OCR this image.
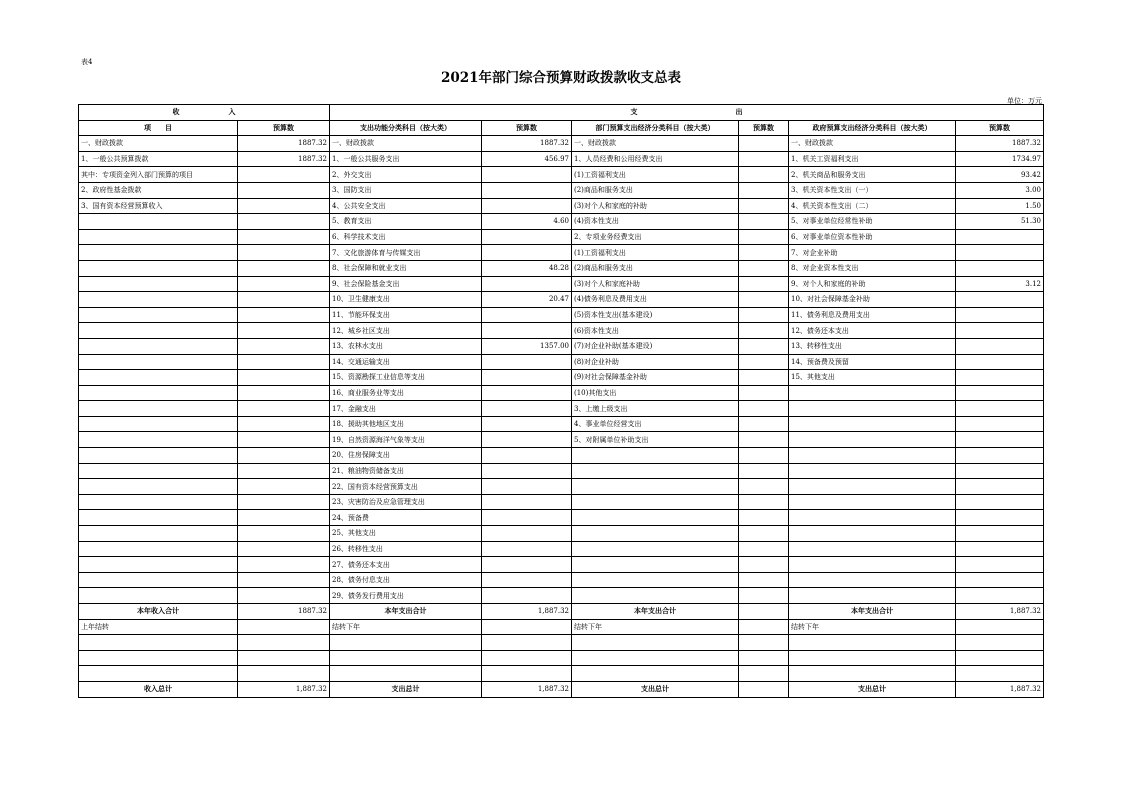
表4
2021年部门综合预算财政拨款收支总表
单位：万元
收　　　　　　　入		支　　　　　　　　　　　　　　出					
项　　目	预算数	支出功能分类科目（按大类）	预算数	部门预算支出经济分类科目（按大类）	预算数	政府预算支出经济分类科目（按大类）	预算数
一、财政拨款	1887.32	一、财政拨款	1887.32	一、财政拨款		一、财政拨款	1887.32
1、一般公共预算拨款	1887.32	1、一般公共服务支出	456.97	1、人员经费和公用经费支出		1、机关工资福利支出	1734.97
其中：专项资金列入部门预算的项目		2、外交支出		(1)工资福利支出		2、机关商品和服务支出	93.42
2、政府性基金拨款		3、国防支出		(2)商品和服务支出		3、机关资本性支出（一）	3.00
3、国有资本经营预算收入		4、公共安全支出		(3)对个人和家庭的补助		4、机关资本性支出（二）	1.50
		5、教育支出	4.60	(4)资本性支出		5、对事业单位经常性补助	51.30
		6、科学技术支出		2、专项业务经费支出		6、对事业单位资本性补助	
		7、文化旅游体育与传媒支出		(1)工资福利支出		7、对企业补助	
		8、社会保障和就业支出	48.28	(2)商品和服务支出		8、对企业资本性支出	
		9、社会保险基金支出		(3)对个人和家庭补助		9、对个人和家庭的补助	3.12
		10、卫生健康支出	20.47	(4)债务利息及费用支出		10、对社会保障基金补助	
		11、节能环保支出		(5)资本性支出(基本建设)		11、债务利息及费用支出	
		12、城乡社区支出		(6)资本性支出		12、债务还本支出	
		13、农林水支出	1357.00	(7)对企业补助(基本建设)		13、转移性支出	
		14、交通运输支出		(8)对企业补助		14、预备费及预留	
		15、资源勘探工业信息等支出		(9)对社会保障基金补助		15、其他支出	
		16、商业服务业等支出		(10)其他支出			
		17、金融支出		3、上缴上级支出			
		18、援助其他地区支出		4、事业单位经营支出			
		19、自然资源海洋气象等支出		5、对附属单位补助支出			
		20、住房保障支出					
		21、粮油物资储备支出					
		22、国有资本经营预算支出					
		23、灾害防治及应急管理支出					
		24、预备费					
		25、其他支出					
		26、转移性支出					
		27、债务还本支出					
		28、债务付息支出					
		29、债务发行费用支出					
本年收入合计	1887.32	本年支出合计	1,887.32	本年支出合计		本年支出合计	1,887.32
上年结转		结转下年		结转下年		结转下年	

收入总计	1,887.32	支出总计	1,887.32	支出总计		支出总计	1,887.32
